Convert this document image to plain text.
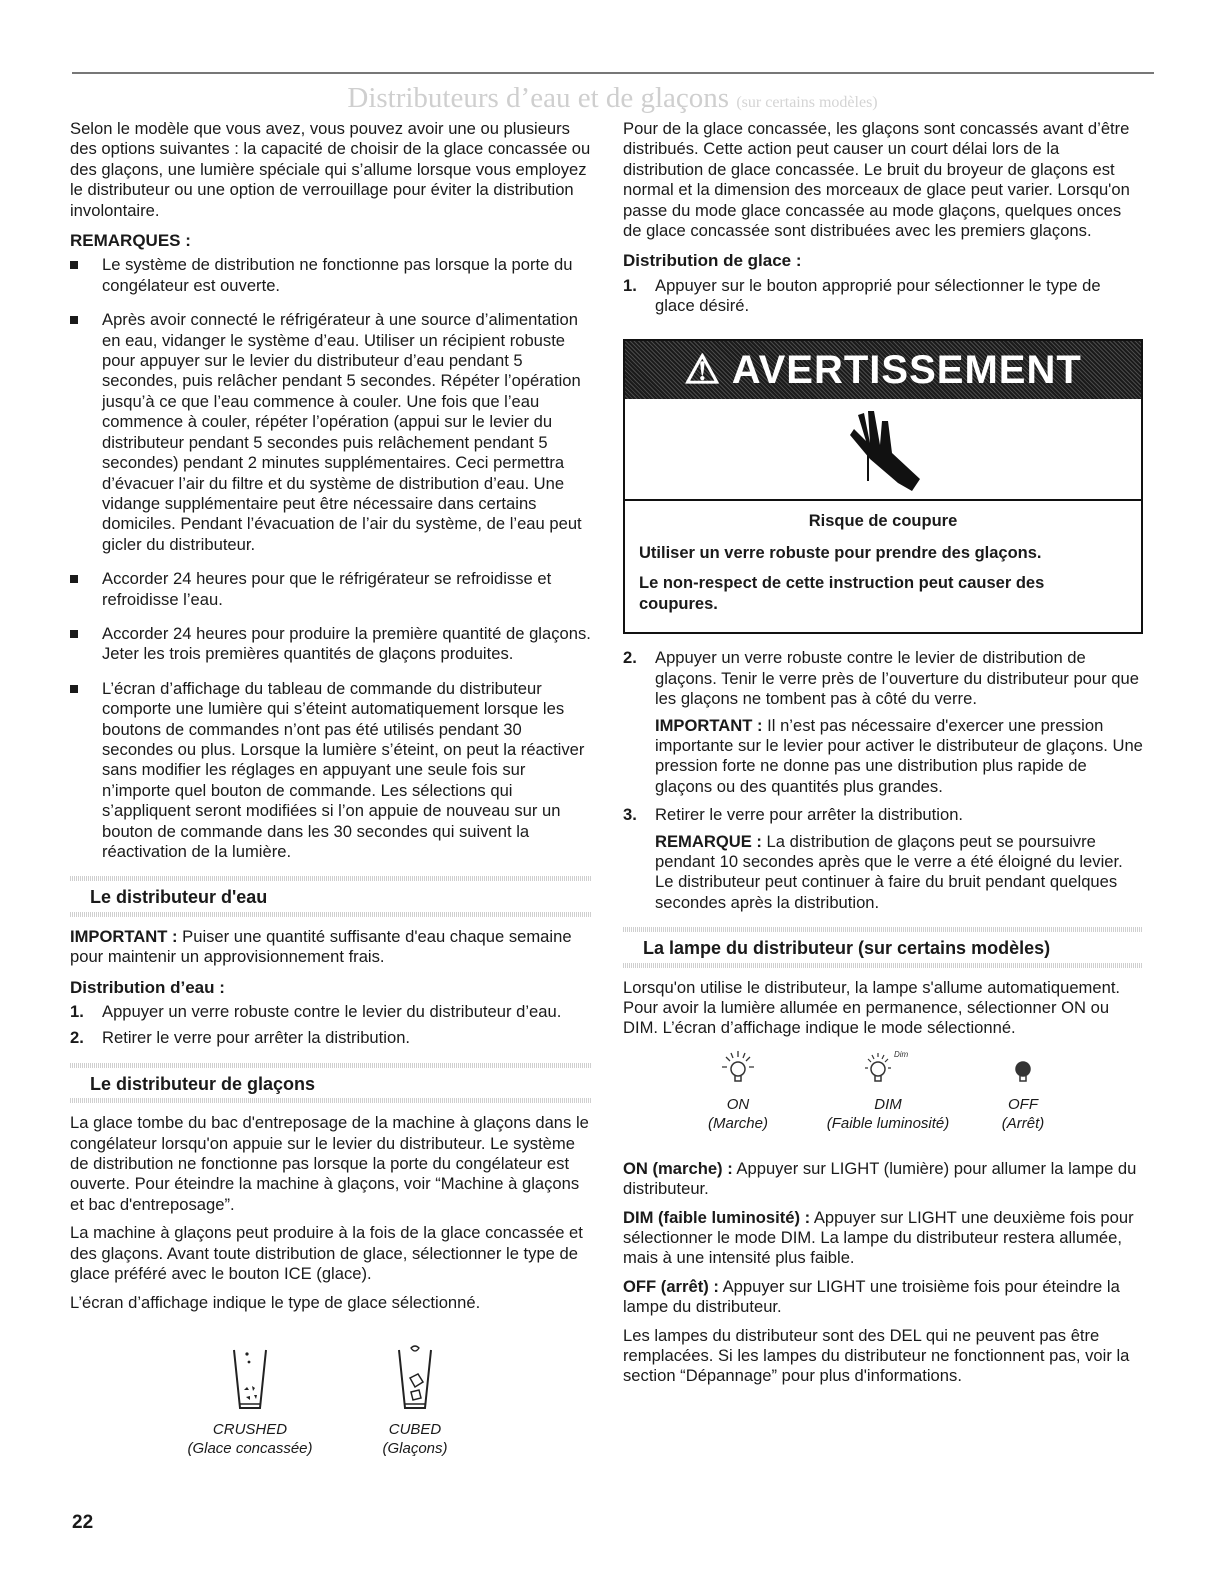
Distributeurs d’eau et de glaçons (sur certains modèles)

Selon le modèle que vous avez, vous pouvez avoir une ou plusieurs des options suivantes : la capacité de choisir de la glace concassée ou des glaçons, une lumière spéciale qui s’allume lorsque vous employez le distributeur ou une option de verrouillage pour éviter la distribution involontaire.

REMARQUES :
Le système de distribution ne fonctionne pas lorsque la porte du congélateur est ouverte.
Après avoir connecté le réfrigérateur à une source d’alimentation en eau, vidanger le système d’eau. Utiliser un récipient robuste pour appuyer sur le levier du distributeur d’eau pendant 5 secondes, puis relâcher pendant 5 secondes. Répéter l’opération jusqu’à ce que l’eau commence à couler. Une fois que l’eau commence à couler, répéter l’opération (appui sur le levier du distributeur pendant 5 secondes puis relâchement pendant 5 secondes) pendant 2 minutes supplémentaires. Ceci permettra d’évacuer l’air du filtre et du système de distribution d’eau. Une vidange supplémentaire peut être nécessaire dans certains domiciles. Pendant l’évacuation de l’air du système, de l’eau peut gicler du distributeur.
Accorder 24 heures pour que le réfrigérateur se refroidisse et refroidisse l’eau.
Accorder 24 heures pour produire la première quantité de glaçons. Jeter les trois premières quantités de glaçons produites.
L’écran d’affichage du tableau de commande du distributeur comporte une lumière qui s’éteint automatiquement lorsque les boutons de commandes n’ont pas été utilisés pendant 30 secondes ou plus. Lorsque la lumière s’éteint, on peut la réactiver sans modifier les réglages en appuyant une seule fois sur n’importe quel bouton de commande. Les sélections qui s’appliquent seront modifiées si l’on appuie de nouveau sur un bouton de commande dans les 30 secondes qui suivent la réactivation de la lumière.
Le distributeur d'eau

IMPORTANT : Puiser une quantité suffisante d'eau chaque semaine pour maintenir un approvisionnement frais.

Distribution d’eau :
1. Appuyer un verre robuste contre le levier du distributeur d’eau.
2. Retirer le verre pour arrêter la distribution.
Le distributeur de glaçons

La glace tombe du bac d'entreposage de la machine à glaçons dans le congélateur lorsqu'on appuie sur le levier du distributeur. Le système de distribution ne fonctionne pas lorsque la porte du congélateur est ouverte. Pour éteindre la machine à glaçons, voir “Machine à glaçons et bac d'entreposage”.

La machine à glaçons peut produire à la fois de la glace concassée et des glaçons. Avant toute distribution de glace, sélectionner le type de glace préféré avec le bouton ICE (glace).

L’écran d’affichage indique le type de glace sélectionné.

CRUSHED
(Glace concassée)
CUBED
(Glaçons)

Pour de la glace concassée, les glaçons sont concassés avant d’être distribués. Cette action peut causer un court délai lors de la distribution de glace concassée. Le bruit du broyeur de glaçons est normal et la dimension des morceaux de glace peut varier. Lorsqu'on passe du mode glace concassée au mode glaçons, quelques onces de glace concassée sont distribuées avec les premiers glaçons.

Distribution de glace :
1. Appuyer sur le bouton approprié pour sélectionner le type de glace désiré.
⚠ AVERTISSEMENT
Risque de coupure
Utiliser un verre robuste pour prendre des glaçons.
Le non-respect de cette instruction peut causer des coupures.
2. Appuyer un verre robuste contre le levier de distribution de glaçons. Tenir le verre près de l’ouverture du distributeur pour que les glaçons ne tombent pas à côté du verre.

IMPORTANT : Il n’est pas nécessaire d'exercer une pression importante sur le levier pour activer le distributeur de glaçons. Une pression forte ne donne pas une distribution plus rapide de glaçons ou des quantités plus grandes.

3. Retirer le verre pour arrêter la distribution.

REMARQUE : La distribution de glaçons peut se poursuivre pendant 10 secondes après que le verre a été éloigné du levier. Le distributeur peut continuer à faire du bruit pendant quelques secondes après la distribution.

La lampe du distributeur (sur certains modèles)

Lorsqu'on utilise le distributeur, la lampe s'allume automatiquement. Pour avoir la lumière allumée en permanence, sélectionner ON ou DIM. L’écran d’affichage indique le mode sélectionné.

ON
(Marche)
Dim
DIM
(Faible luminosité)
OFF
(Arrêt)

ON (marche) : Appuyer sur LIGHT (lumière) pour allumer la lampe du distributeur.

DIM (faible luminosité) : Appuyer sur LIGHT une deuxième fois pour sélectionner le mode DIM. La lampe du distributeur restera allumée, mais à une intensité plus faible.

OFF (arrêt) : Appuyer sur LIGHT une troisième fois pour éteindre la lampe du distributeur.

Les lampes du distributeur sont des DEL qui ne peuvent pas être remplacées. Si les lampes du distributeur ne fonctionnent pas, voir la section “Dépannage” pour plus d'informations.

22
